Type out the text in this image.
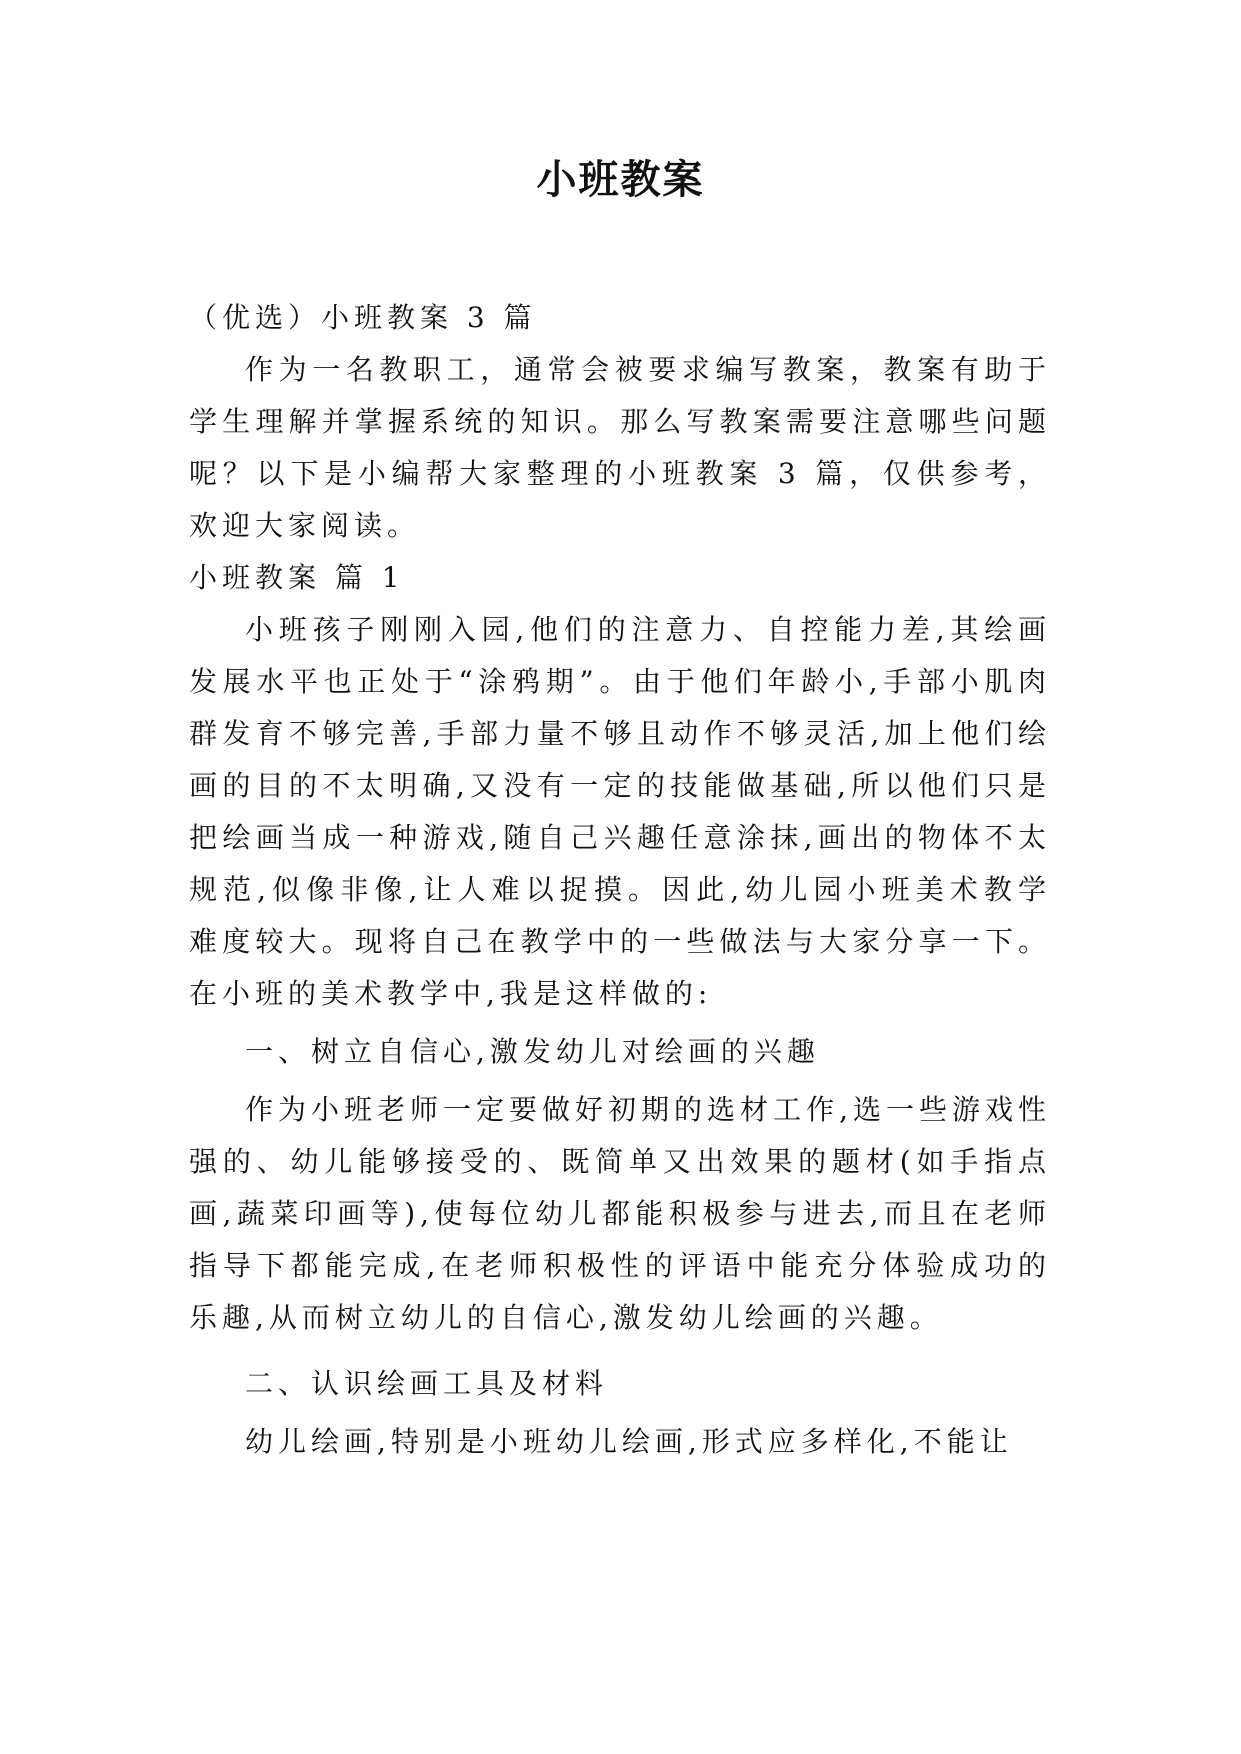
小班教案

（优选）小班教案 3 篇

作为一名教职工，通常会被要求编写教案，教案有助于学生理解并掌握系统的知识。那么写教案需要注意哪些问题呢？以下是小编帮大家整理的小班教案 3 篇，仅供参考，欢迎大家阅读。

小班教案 篇 1

小班孩子刚刚入园,他们的注意力、自控能力差,其绘画发展水平也正处于“涂鸦期”。由于他们年龄小,手部小肌肉群发育不够完善,手部力量不够且动作不够灵活,加上他们绘画的目的不太明确,又没有一定的技能做基础,所以他们只是把绘画当成一种游戏,随自己兴趣任意涂抹,画出的物体不太规范,似像非像,让人难以捉摸。因此,幼儿园小班美术教学难度较大。现将自己在教学中的一些做法与大家分享一下。在小班的美术教学中,我是这样做的:

一、树立自信心,激发幼儿对绘画的兴趣

作为小班老师一定要做好初期的选材工作,选一些游戏性强的、幼儿能够接受的、既简单又出效果的题材(如手指点画,蔬菜印画等),使每位幼儿都能积极参与进去,而且在老师指导下都能完成,在老师积极性的评语中能充分体验成功的乐趣,从而树立幼儿的自信心,激发幼儿绘画的兴趣。

二、认识绘画工具及材料

幼儿绘画,特别是小班幼儿绘画,形式应多样化,不能让
